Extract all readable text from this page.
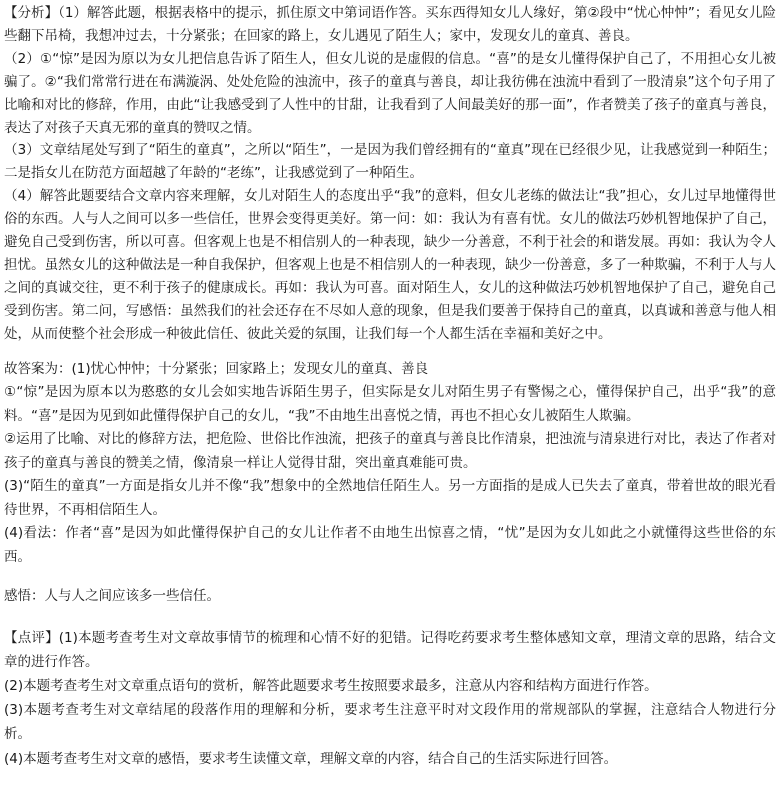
【分析】（1）解答此题，根据表格中的提示，抓住原文中第词语作答。买东西得知女儿人缘好，第②段中“忧心忡忡”；看见女儿险些翻下吊椅，我想冲过去，十分紧张；在回家的路上，女儿遇见了陌生人；家中，发现女儿的童真、善良。

（2）①“惊”是因为原以为女儿把信息告诉了陌生人，但女儿说的是虚假的信息。“喜”的是女儿懂得保护自己了，不用担心女儿被骗了。②“我们常常行进在布满漩涡、处处危险的浊流中，孩子的童真与善良，却让我彷佛在浊流中看到了一股清泉”这个句子用了比喻和对比的修辞，作用，由此“让我感受到了人性中的甘甜，让我看到了人间最美好的那一面”，作者赞美了孩子的童真与善良，表达了对孩子天真无邪的童真的赞叹之情。

（3）文章结尾处写到了“陌生的童真”，之所以“陌生”，一是因为我们曾经拥有的“童真”现在已经很少见，让我感觉到一种陌生；二是指女儿在防范方面超越了年龄的“老练”，让我感觉到了一种陌生。

（4）解答此题要结合文章内容来理解，女儿对陌生人的态度出乎“我”的意料，但女儿老练的做法让“我”担心，女儿过早地懂得世俗的东西。人与人之间可以多一些信任，世界会变得更美好。第一问：如：我认为有喜有忧。女儿的做法巧妙机智地保护了自己，避免自己受到伤害，所以可喜。但客观上也是不相信别人的一种表现，缺少一分善意，不利于社会的和谐发展。再如：我认为令人担忧。虽然女儿的这种做法是一种自我保护，但客观上也是不相信别人的一种表现，缺少一份善意，多了一种欺骗，不利于人与人之间的真诚交往，更不利于孩子的健康成长。再如：我认为可喜。面对陌生人，女儿的这种做法巧妙机智地保护了自己，避免自己受到伤害。第二问，写感悟：虽然我们的社会还存在不尽如人意的现象，但是我们要善于保持自己的童真，以真诚和善意与他人相处，从而使整个社会形成一种彼此信任、彼此关爱的氛围，让我们每一个人都生活在幸福和美好之中。

故答案为：(1)忧心忡忡；十分紧张；回家路上；发现女儿的童真、善良

①“惊”是因为原本以为憨憨的女儿会如实地告诉陌生男子，但实际是女儿对陌生男子有警惕之心，懂得保护自己，出乎“我”的意料。“喜”是因为见到如此懂得保护自己的女儿，“我”不由地生出喜悦之情，再也不担心女儿被陌生人欺骗。

②运用了比喻、对比的修辞方法，把危险、世俗比作浊流，把孩子的童真与善良比作清泉，把浊流与清泉进行对比，表达了作者对孩子的童真与善良的赞美之情，像清泉一样让人觉得甘甜，突出童真难能可贵。

(3)“陌生的童真”一方面是指女儿并不像“我”想象中的全然地信任陌生人。另一方面指的是成人已失去了童真，带着世故的眼光看待世界，不再相信陌生人。

(4)看法：作者“喜”是因为如此懂得保护自己的女儿让作者不由地生出惊喜之情，“忧”是因为女儿如此之小就懂得这些世俗的东西。

感悟：人与人之间应该多一些信任。

【点评】(1)本题考查考生对文章故事情节的梳理和心情不好的犯错。记得吃药要求考生整体感知文章，理清文章的思路，结合文章的进行作答。

(2)本题考查考生对文章重点语句的赏析，解答此题要求考生按照要求最多，注意从内容和结构方面进行作答。

(3)本题考查考生对文章结尾的段落作用的理解和分析，要求考生注意平时对文段作用的常规部队的掌握，注意结合人物进行分析。

(4)本题考查考生对文章的感悟，要求考生读懂文章，理解文章的内容，结合自己的生活实际进行回答。
